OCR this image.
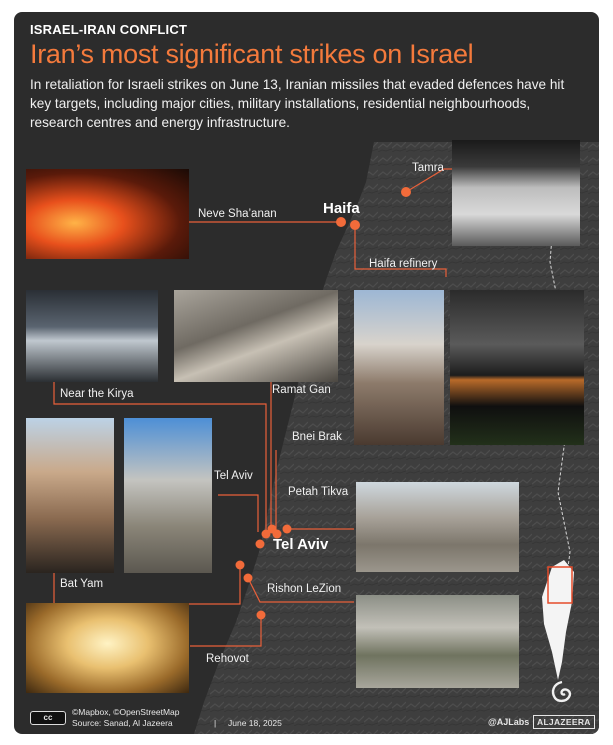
ISRAEL-IRAN CONFLICT
Iran’s most significant strikes on Israel
In retaliation for Israeli strikes on June 13, Iranian missiles that evaded defences have hit key targets, including major cities, military installations, residential neighbourhoods, research centres and energy infrastructure.
Haifa
Tel Aviv
Tamra
Neve Sha’anan
Haifa refinery
Near the Kirya	Ramat Gan
Bnei Brak
Tel Aviv
Petah Tikva
Bat Yam	Rishon LeZion
Rehovot
cc
©Mapbox, ©OpenStreetMap
Source: Sanad, Al Jazeera	| June 18, 2025	@AJLabs ALJAZEERA
